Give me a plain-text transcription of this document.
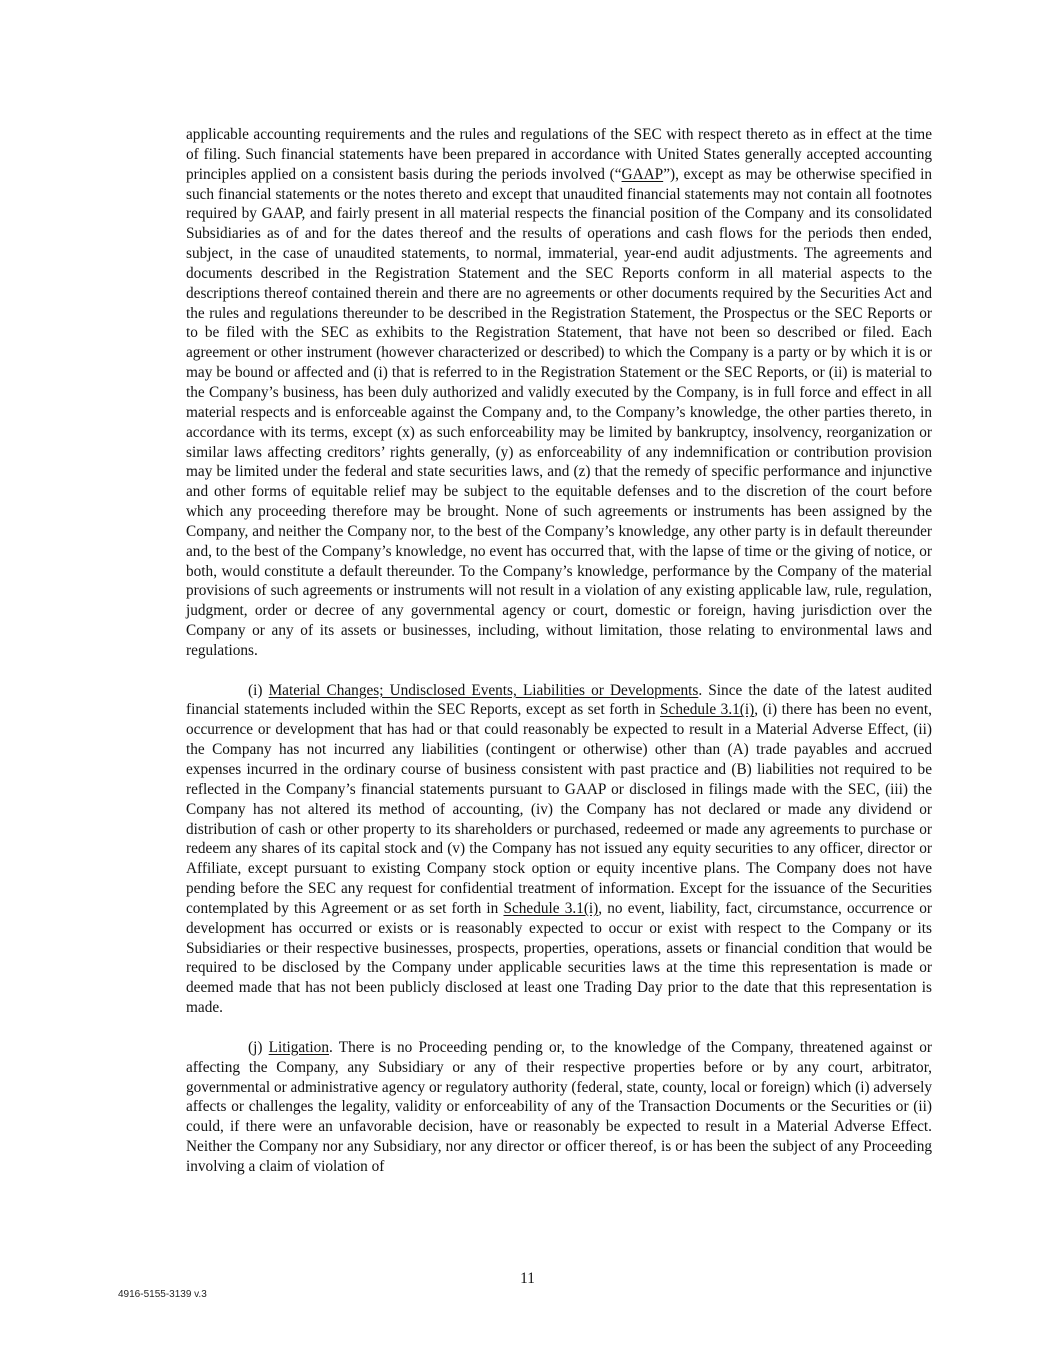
applicable accounting requirements and the rules and regulations of the SEC with respect thereto as in effect at the time of filing. Such financial statements have been prepared in accordance with United States generally accepted accounting principles applied on a consistent basis during the periods involved (“GAAP”), except as may be otherwise specified in such financial statements or the notes thereto and except that unaudited financial statements may not contain all footnotes required by GAAP, and fairly present in all material respects the financial position of the Company and its consolidated Subsidiaries as of and for the dates thereof and the results of operations and cash flows for the periods then ended, subject, in the case of unaudited statements, to normal, immaterial, year-end audit adjustments. The agreements and documents described in the Registration Statement and the SEC Reports conform in all material aspects to the descriptions thereof contained therein and there are no agreements or other documents required by the Securities Act and the rules and regulations thereunder to be described in the Registration Statement, the Prospectus or the SEC Reports or to be filed with the SEC as exhibits to the Registration Statement, that have not been so described or filed. Each agreement or other instrument (however characterized or described) to which the Company is a party or by which it is or may be bound or affected and (i) that is referred to in the Registration Statement or the SEC Reports, or (ii) is material to the Company’s business, has been duly authorized and validly executed by the Company, is in full force and effect in all material respects and is enforceable against the Company and, to the Company’s knowledge, the other parties thereto, in accordance with its terms, except (x) as such enforceability may be limited by bankruptcy, insolvency, reorganization or similar laws affecting creditors’ rights generally, (y) as enforceability of any indemnification or contribution provision may be limited under the federal and state securities laws, and (z) that the remedy of specific performance and injunctive and other forms of equitable relief may be subject to the equitable defenses and to the discretion of the court before which any proceeding therefore may be brought. None of such agreements or instruments has been assigned by the Company, and neither the Company nor, to the best of the Company’s knowledge, any other party is in default thereunder and, to the best of the Company’s knowledge, no event has occurred that, with the lapse of time or the giving of notice, or both, would constitute a default thereunder. To the Company’s knowledge, performance by the Company of the material provisions of such agreements or instruments will not result in a violation of any existing applicable law, rule, regulation, judgment, order or decree of any governmental agency or court, domestic or foreign, having jurisdiction over the Company or any of its assets or businesses, including, without limitation, those relating to environmental laws and regulations.

(i) Material Changes; Undisclosed Events, Liabilities or Developments. Since the date of the latest audited financial statements included within the SEC Reports, except as set forth in Schedule 3.1(i), (i) there has been no event, occurrence or development that has had or that could reasonably be expected to result in a Material Adverse Effect, (ii) the Company has not incurred any liabilities (contingent or otherwise) other than (A) trade payables and accrued expenses incurred in the ordinary course of business consistent with past practice and (B) liabilities not required to be reflected in the Company’s financial statements pursuant to GAAP or disclosed in filings made with the SEC, (iii) the Company has not altered its method of accounting, (iv) the Company has not declared or made any dividend or distribution of cash or other property to its shareholders or purchased, redeemed or made any agreements to purchase or redeem any shares of its capital stock and (v) the Company has not issued any equity securities to any officer, director or Affiliate, except pursuant to existing Company stock option or equity incentive plans. The Company does not have pending before the SEC any request for confidential treatment of information. Except for the issuance of the Securities contemplated by this Agreement or as set forth in Schedule 3.1(i), no event, liability, fact, circumstance, occurrence or development has occurred or exists or is reasonably expected to occur or exist with respect to the Company or its Subsidiaries or their respective businesses, prospects, properties, operations, assets or financial condition that would be required to be disclosed by the Company under applicable securities laws at the time this representation is made or deemed made that has not been publicly disclosed at least one Trading Day prior to the date that this representation is made.

(j) Litigation. There is no Proceeding pending or, to the knowledge of the Company, threatened against or affecting the Company, any Subsidiary or any of their respective properties before or by any court, arbitrator, governmental or administrative agency or regulatory authority (federal, state, county, local or foreign) which (i) adversely affects or challenges the legality, validity or enforceability of any of the Transaction Documents or the Securities or (ii) could, if there were an unfavorable decision, have or reasonably be expected to result in a Material Adverse Effect. Neither the Company nor any Subsidiary, nor any director or officer thereof, is or has been the subject of any Proceeding involving a claim of violation of

11
4916-5155-3139 v.3
